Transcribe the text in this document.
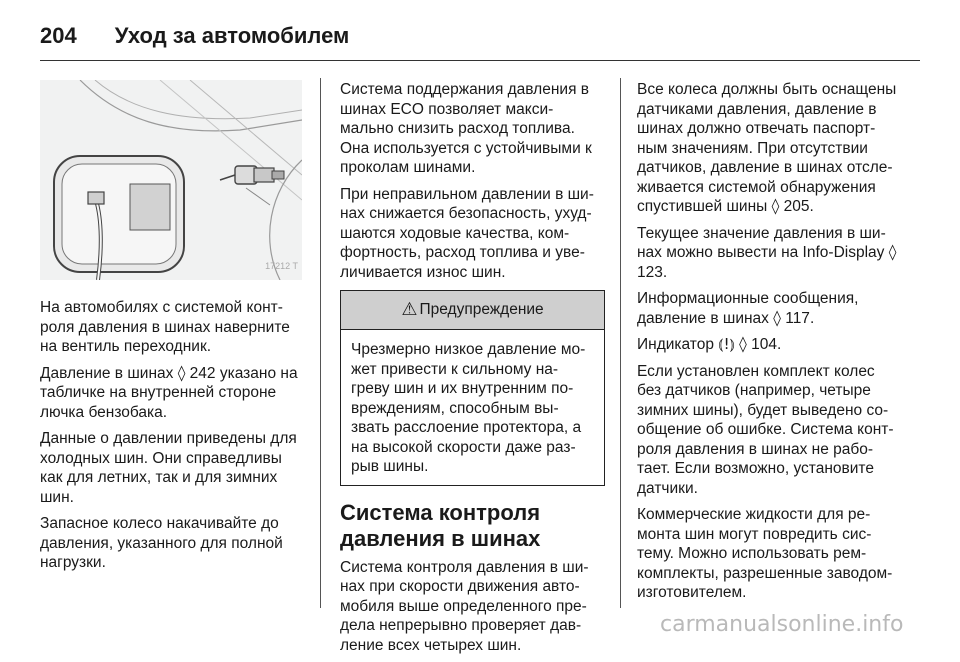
204 Уход за автомобилем
17212 T

На автомобилях с системой конт-роля давления в шинах наверните на вентиль переходник.

Давление в шинах ◊ 242 указано на табличке на внутренней стороне лючка бензобака.

Данные о давлении приведены для холодных шин. Они справедливы как для летних, так и для зимних шин.

Запасное колесо накачивайте до давления, указанного для полной нагрузки.

Система поддержания давления в шинах ECO позволяет макси-мально снизить расход топлива. Она используется с устойчивыми к проколам шинами.

При неправильном давлении в ши-нах снижается безопасность, ухуд-шаются ходовые качества, ком-фортность, расход топлива и уве-личивается износ шин.

⚠ Предупреждение
Чрезмерно низкое давление мо-жет привести к сильному на-греву шин и их внутренним по-вреждениям, способным вы-звать расслоение протектора, а на высокой скорости даже раз-рыв шины.
Система контроля давления в шинах

Система контроля давления в ши-нах при скорости движения авто-мобиля выше определенного пре-дела непрерывно проверяет дав-ление всех четырех шин.

Все колеса должны быть оснащены датчиками давления, давление в шинах должно отвечать паспорт-ным значениям. При отсутствии датчиков, давление в шинах отсле-живается системой обнаружения спустившей шины ◊ 205.

Текущее значение давления в ши-нах можно вывести на Info-Display ◊ 123.

Информационные сообщения, давление в шинах ◊ 117.

Индикатор ⦅!⦆ ◊ 104.

Если установлен комплект колес без датчиков (например, четыре зимних шины), будет выведено со-общение об ошибке. Система конт-роля давления в шинах не рабо-тает. Если возможно, установите датчики.

Коммерческие жидкости для ре-монта шин могут повредить сис-тему. Можно использовать рем-комплекты, разрешенные заводом-изготовителем.

carmanualsonline.info
